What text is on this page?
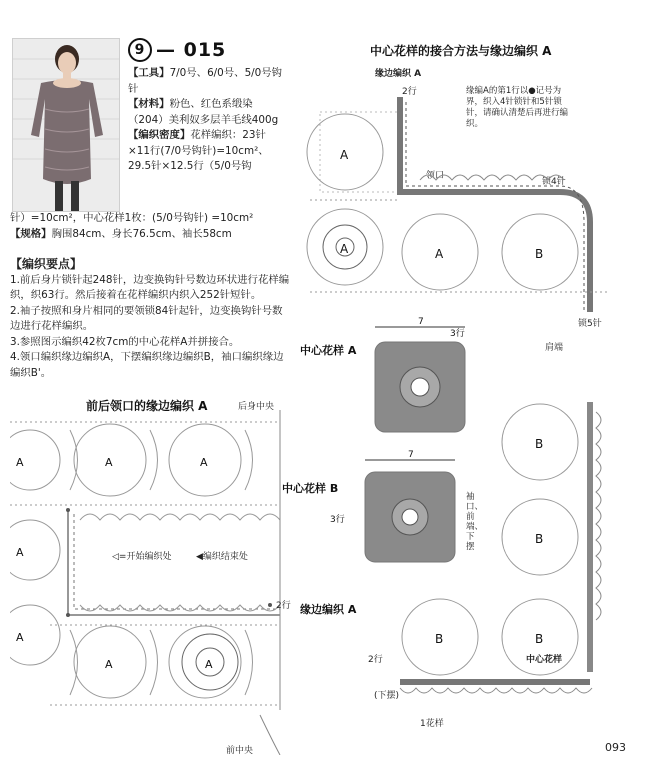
9 — 015
【工具】7/0号、6/0号、5/0号钩针
【材料】粉色、红色系缎染（204）美利奴多层羊毛线400g
【编织密度】花样编织：23针
×11行(7/0号钩针)=10cm²、
29.5针×12.5行（5/0号钩
针）=10cm²，中心花样1枚：(5/0号钩针) =10cm²
【规格】胸围84cm、身长76.5cm、袖长58cm

【编织要点】

1.前后身片锁针起248针，边变换钩针号数边环状进行花样编织，织63行。然后接着在花样编织内织入252针短针。

2.袖子按照和身片相同的要领锁84针起针，边变换钩针号数边进行花样编织。

3.参照图示编织42枚7cm的中心花样A并拼接合。

4.领口编织缘边编织A，下摆编织缘边编织B，袖口编织缘边编织B'。

前后领口的缘边编织 A	后身中央
A	A	A
A
A
A	A
◁=开始编织处	◀编织结束处
2行
前中央
中心花样的接合方法与缘边编织 A
缘边编织 A
2行	缘编A的第1行以●记号为界，织入4针锁针和5针锁针，请确认清楚后再进行编织。
领口
锁4针
锁5针
肩端
7
7
3行
3行
A
A	A	B
B
B
B	B
中心花样 A
中心花样 B
袖口、前端、下摆
缘边编织 A
2行
(下摆)
1花样
中心花样
093
